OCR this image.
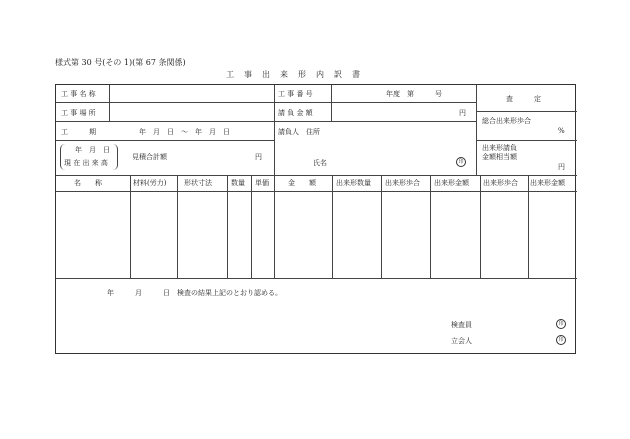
様式第 30 号(その 1)(第 67 条関係)
工　事　出　来　形　内　訳　書
工 事 名 称
工 事 場 所
工　　　期	年　月　日　～　年　月　日
年　月　日
現 在 出 来 高
見積合計額	円
工 事 番 号	年度　第　　　号
請 負 金 額	円
請負人　住所
氏名	印
査　　　定
総合出来形歩合
%
出来形請負
金額相当額
円
名　　称	材料(労力)	形状寸法	数量 単価	金　　額	出来形数量 出来形歩合 出来形金額 出来形歩合 出来形金額
年　　　月　　　日　検査の結果上記のとおり認める。
検査員	印
立会人	印
